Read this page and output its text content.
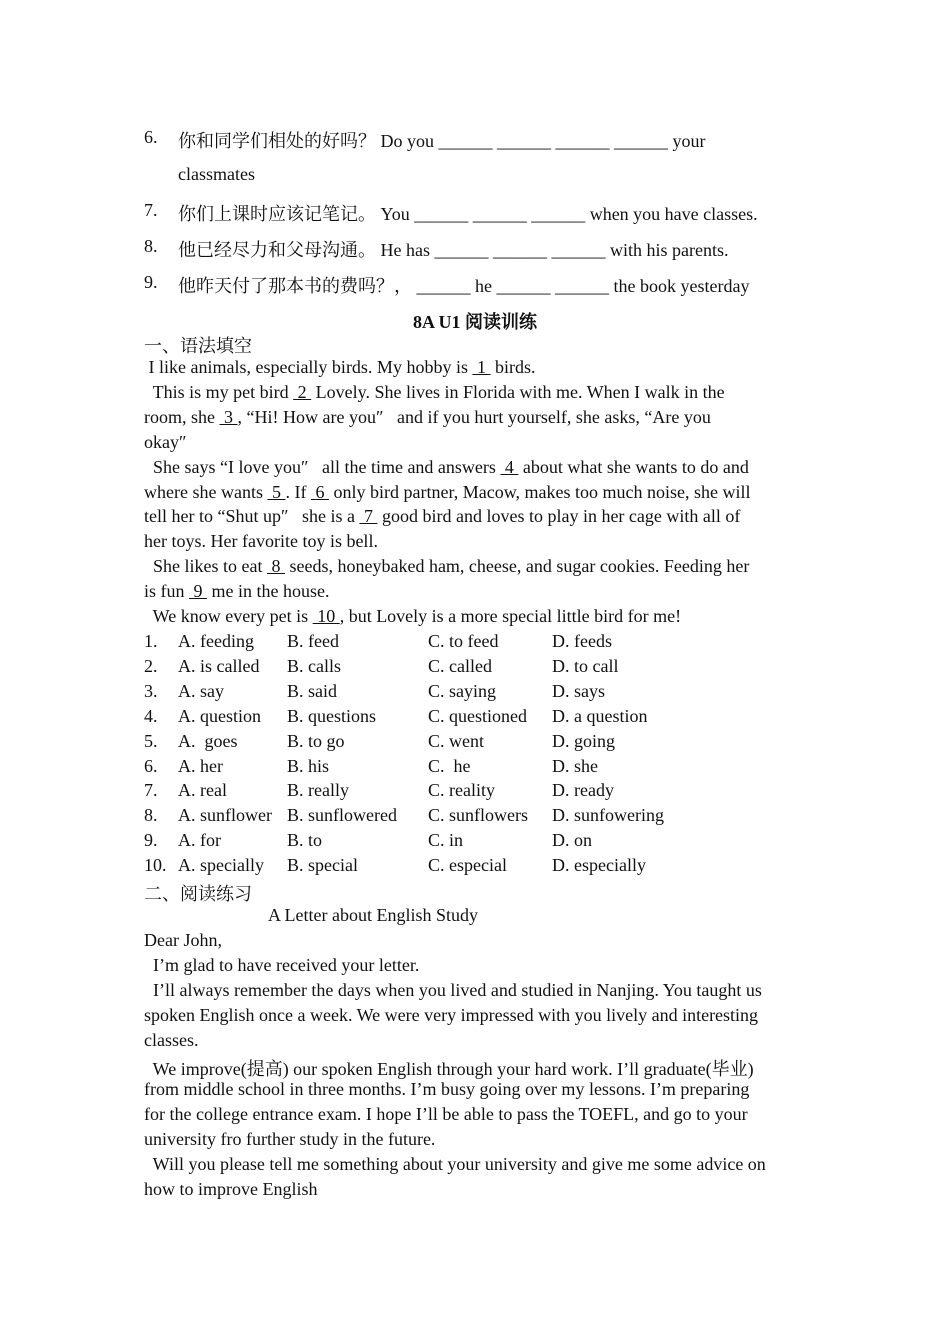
6. 你和同学们相处的好吗？ Do you ______ ______ ______ ______ your
classmates
7. 你们上课时应该记笔记。 You ______ ______ ______ when you have classes.
8. 他已经尽力和父母沟通。 He has ______ ______ ______ with his parents.
9. 他昨天付了那本书的费吗？， ______ he ______ ______ the book yesterday
8A U1 阅读训练
一、语法填空
I like animals, especially birds. My hobby is  1  birds.
This is my pet bird  2  Lovely. She lives in Florida with me. When I walk in the
room, she  3 , “Hi! How are you″   and if you hurt yourself, she asks, “Are you
okay″
She says “I love you″   all the time and answers  4  about what she wants to do and
where she wants  5 . If  6  only bird partner, Macow, makes too much noise, she will
tell her to “Shut up″   she is a  7  good bird and loves to play in her cage with all of
her toys. Her favorite toy is bell.
She likes to eat  8  seeds, honeybaked ham, cheese, and sugar cookies. Feeding her
is fun  9  me in the house.
We know every pet is  10 , but Lovely is a more special little bird for me!
1. A. feeding B. feed	C. to feed	D. feeds
2. A. is called B. calls	C. called	D. to call
3. A. say	B. said	C. saying	D. says
4. A. question B. questions	C. questioned D. a question
5. A.  goes	B. to go	C. went	D. going
6. A. her	B. his	C.  he	D. she
7. A. real	B. really	C. reality	D. ready
8. A. sunflower B. sunflowered C. sunflowers D. sunfowering
9. A. for	B. to	C. in	D. on
10. A. specially B. special	C. especial	D. especially
二、阅读练习
A Letter about English Study
Dear John,
I’m glad to have received your letter.
I’ll always remember the days when you lived and studied in Nanjing. You taught us
spoken English once a week. We were very impressed with you lively and interesting
classes.
We improve(提高) our spoken English through your hard work. I’ll graduate(毕业)
from middle school in three months. I’m busy going over my lessons. I’m preparing
for the college entrance exam. I hope I’ll be able to pass the TOEFL, and go to your
university fro further study in the future.
Will you please tell me something about your university and give me some advice on
how to improve English
